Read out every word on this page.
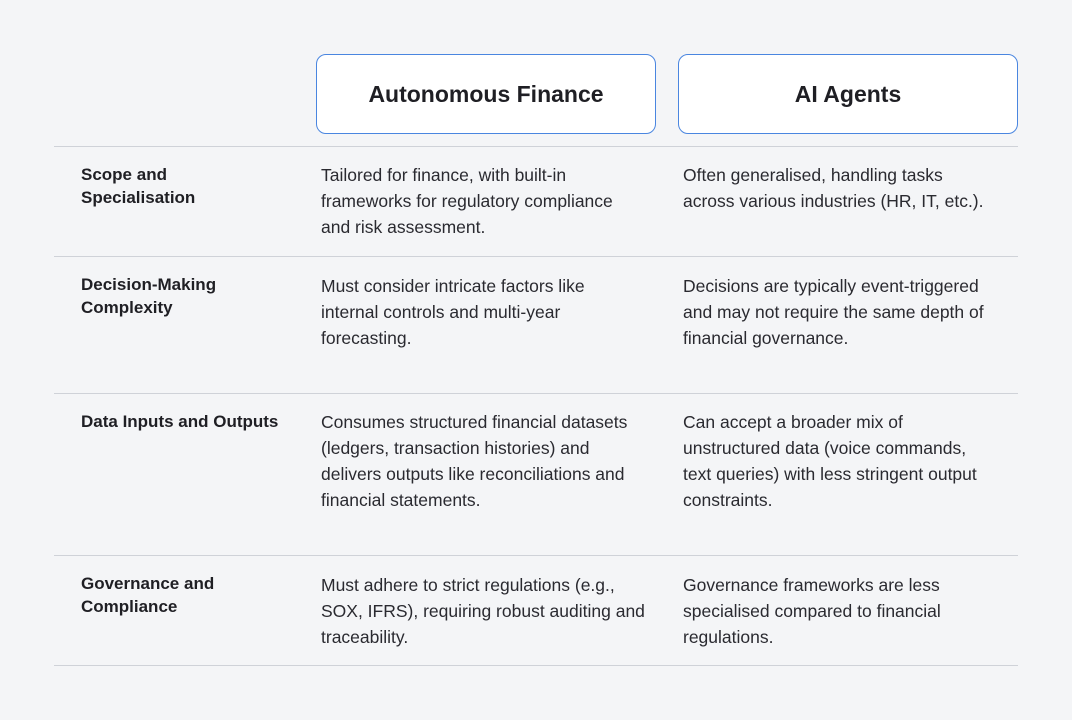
Autonomous Finance	AI Agents
Scope and Specialisation
Tailored for finance, with built-in frameworks for regulatory compliance and risk assessment.
Often generalised, handling tasks across various industries (HR, IT, etc.).
Decision-Making Complexity
Must consider intricate factors like internal controls and multi-year forecasting.
Decisions are typically event-triggered and may not require the same depth of financial governance.
Data Inputs and Outputs Consumes structured financial datasets (ledgers, transaction histories) and delivers outputs like reconciliations and financial statements.
Can accept a broader mix of unstructured data (voice commands, text queries) with less stringent output constraints.
Governance and Compliance
Must adhere to strict regulations (e.g., SOX, IFRS), requiring robust auditing and traceability.
Governance frameworks are less specialised compared to financial regulations.
